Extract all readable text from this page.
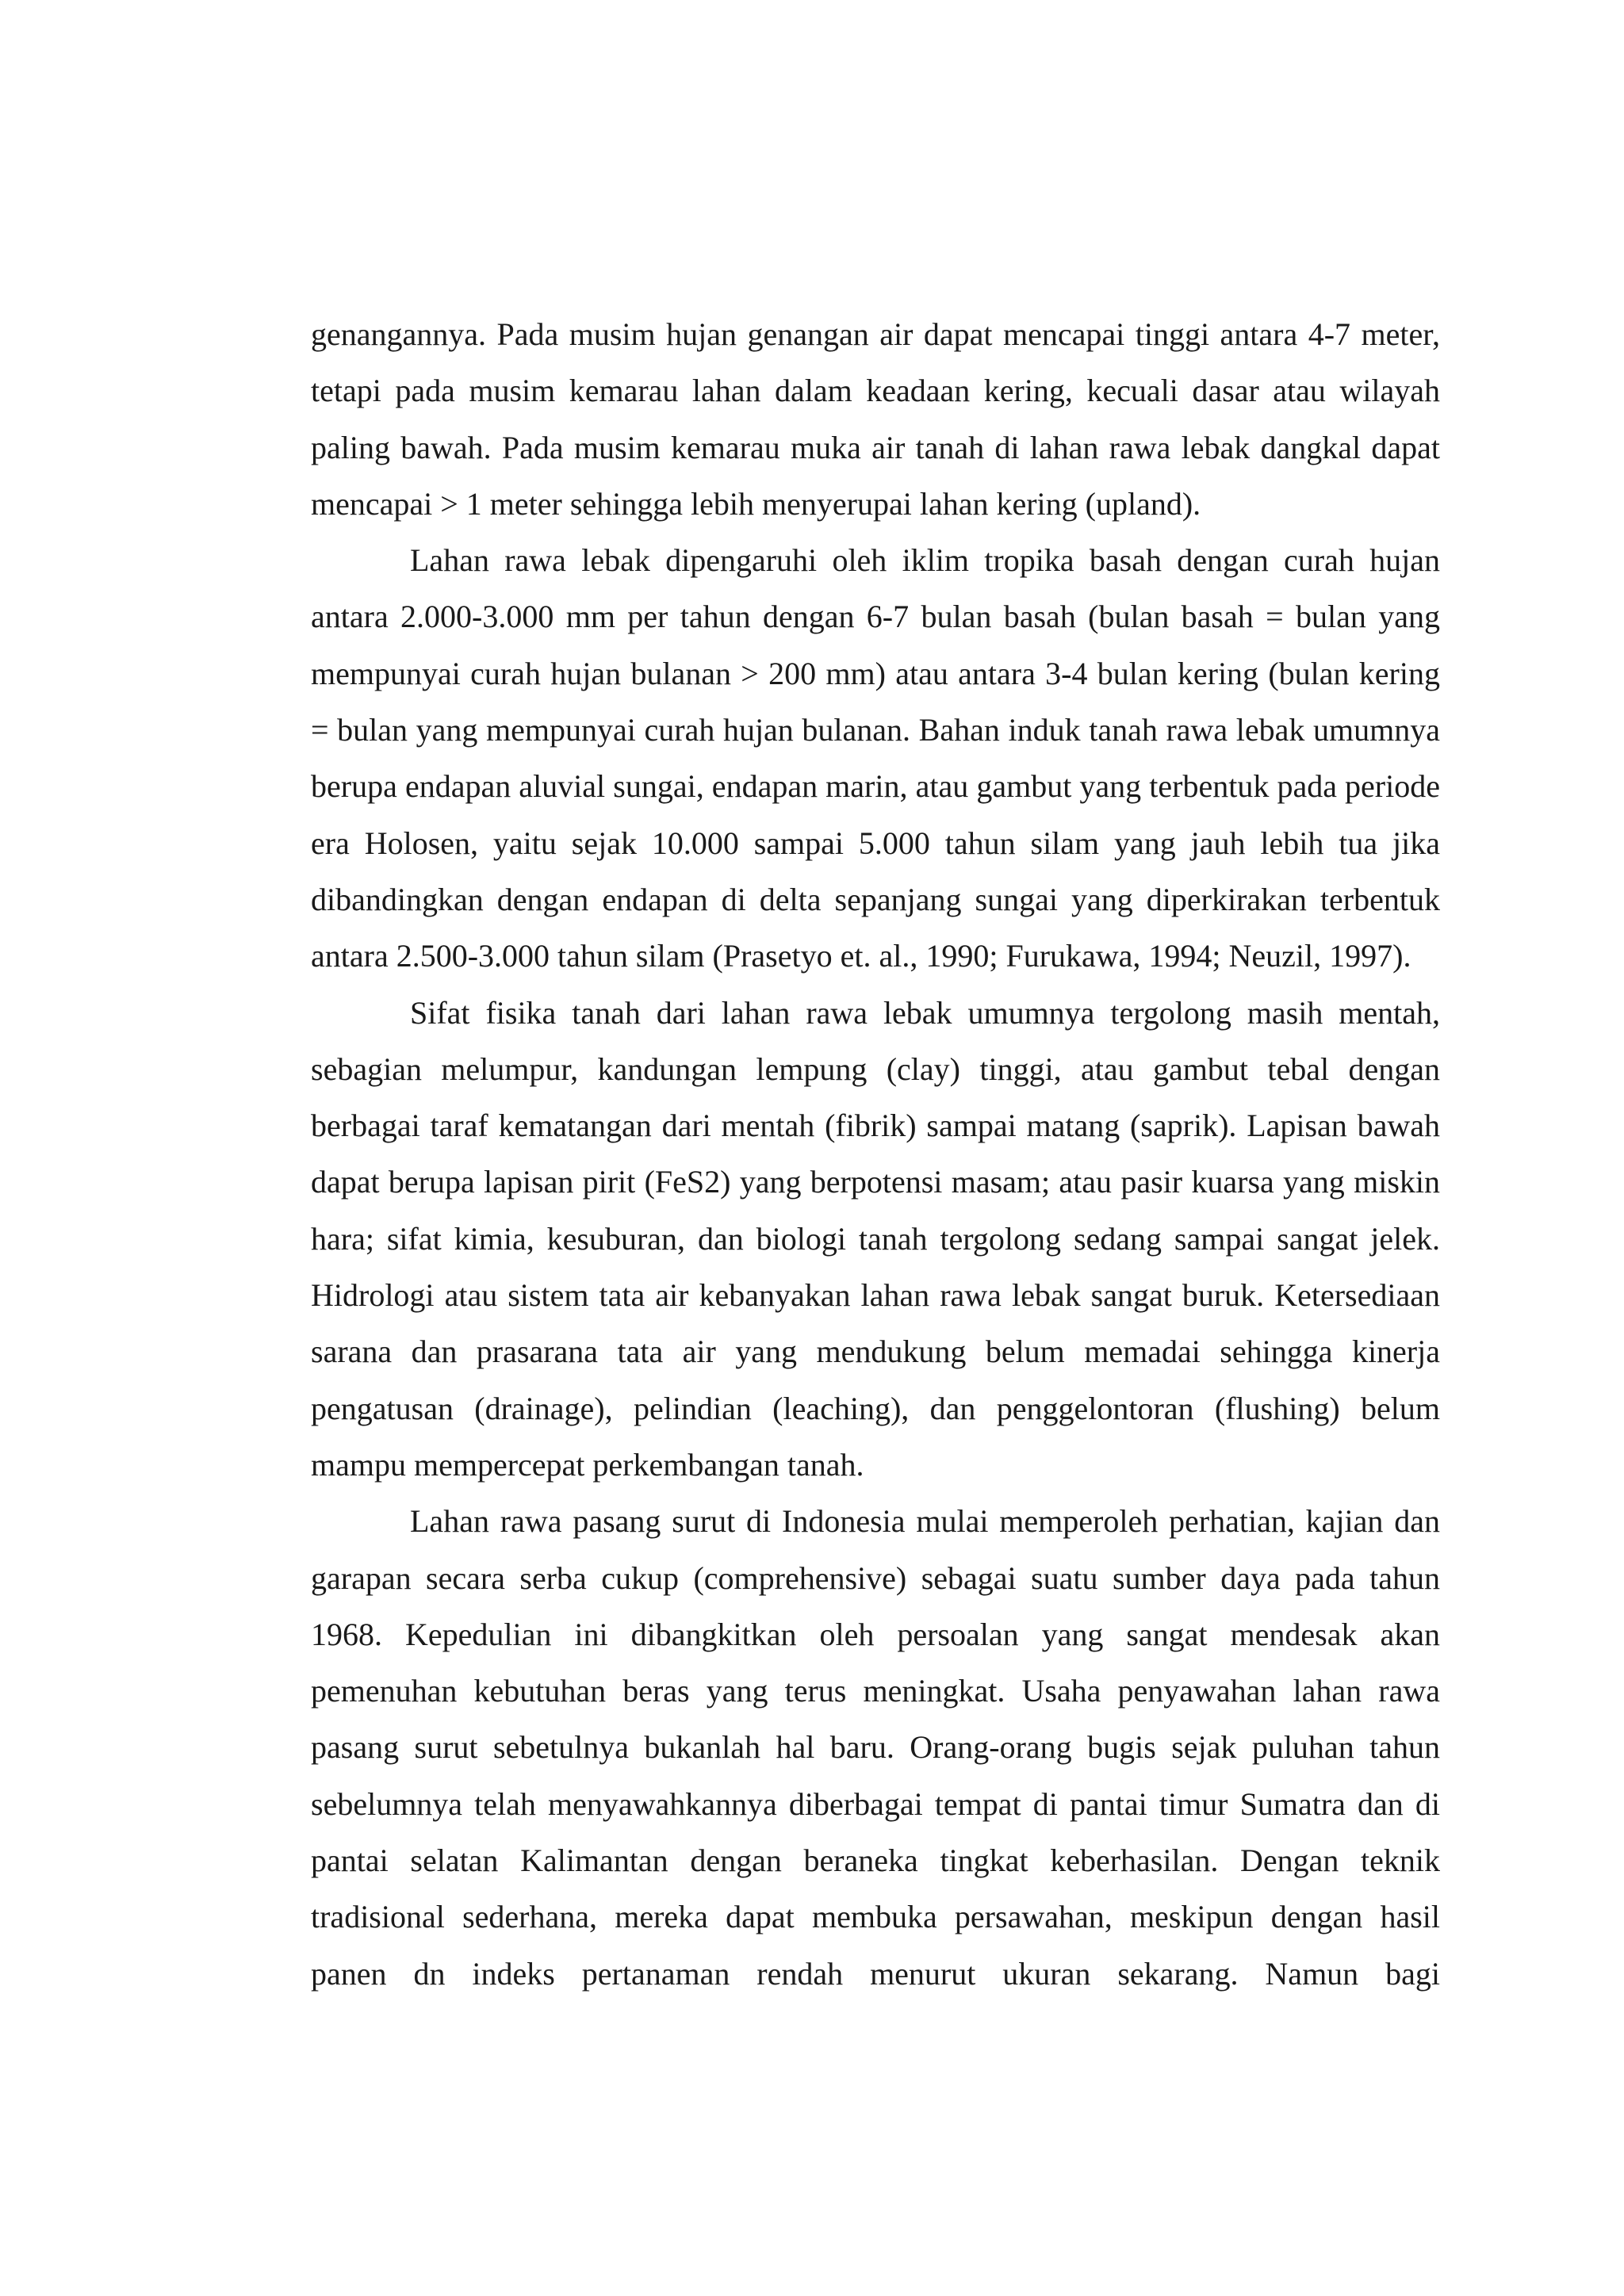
genangannya. Pada musim hujan genangan air dapat mencapai tinggi antara 4-7 meter, tetapi pada musim kemarau lahan dalam keadaan kering, kecuali dasar atau wilayah paling bawah. Pada musim kemarau muka air tanah di lahan rawa lebak dangkal dapat mencapai > 1 meter sehingga lebih menyerupai lahan kering (upland).

Lahan rawa lebak dipengaruhi oleh iklim tropika basah dengan curah hujan antara 2.000-3.000 mm per tahun dengan 6-7 bulan basah (bulan basah = bulan yang mempunyai curah hujan bulanan > 200 mm) atau antara 3-4 bulan kering (bulan kering = bulan yang mempunyai curah hujan bulanan. Bahan induk tanah rawa lebak umumnya berupa endapan aluvial sungai, endapan marin, atau gambut yang terbentuk pada periode era Holosen, yaitu sejak 10.000 sampai 5.000 tahun silam yang jauh lebih tua jika dibandingkan dengan endapan di delta sepanjang sungai yang diperkirakan terbentuk antara 2.500-3.000 tahun silam (Prasetyo et. al., 1990; Furukawa, 1994; Neuzil, 1997).

Sifat fisika tanah dari lahan rawa lebak umumnya tergolong masih mentah, sebagian melumpur, kandungan lempung (clay) tinggi, atau gambut tebal dengan berbagai taraf kematangan dari mentah (fibrik) sampai matang (saprik). Lapisan bawah dapat berupa lapisan pirit (FeS2) yang berpotensi masam; atau pasir kuarsa yang miskin hara; sifat kimia, kesuburan, dan biologi tanah tergolong sedang sampai sangat jelek. Hidrologi atau sistem tata air kebanyakan lahan rawa lebak sangat buruk. Ketersediaan sarana dan prasarana tata air yang mendukung belum memadai sehingga kinerja pengatusan (drainage), pelindian (leaching), dan penggelontoran (flushing) belum mampu mempercepat perkembangan tanah.

Lahan rawa pasang surut di Indonesia mulai memperoleh perhatian, kajian dan garapan secara serba cukup (comprehensive) sebagai suatu sumber daya pada tahun 1968. Kepedulian ini dibangkitkan oleh persoalan yang sangat mendesak akan pemenuhan kebutuhan beras yang terus meningkat. Usaha penyawahan lahan rawa pasang surut sebetulnya bukanlah hal baru. Orang-orang bugis sejak puluhan tahun sebelumnya telah menyawahkannya diberbagai tempat di pantai timur Sumatra dan di pantai selatan Kalimantan dengan beraneka tingkat keberhasilan. Dengan teknik tradisional sederhana, mereka dapat membuka persawahan, meskipun dengan hasil panen dn indeks pertanaman rendah menurut ukuran sekarang. Namun bagi
